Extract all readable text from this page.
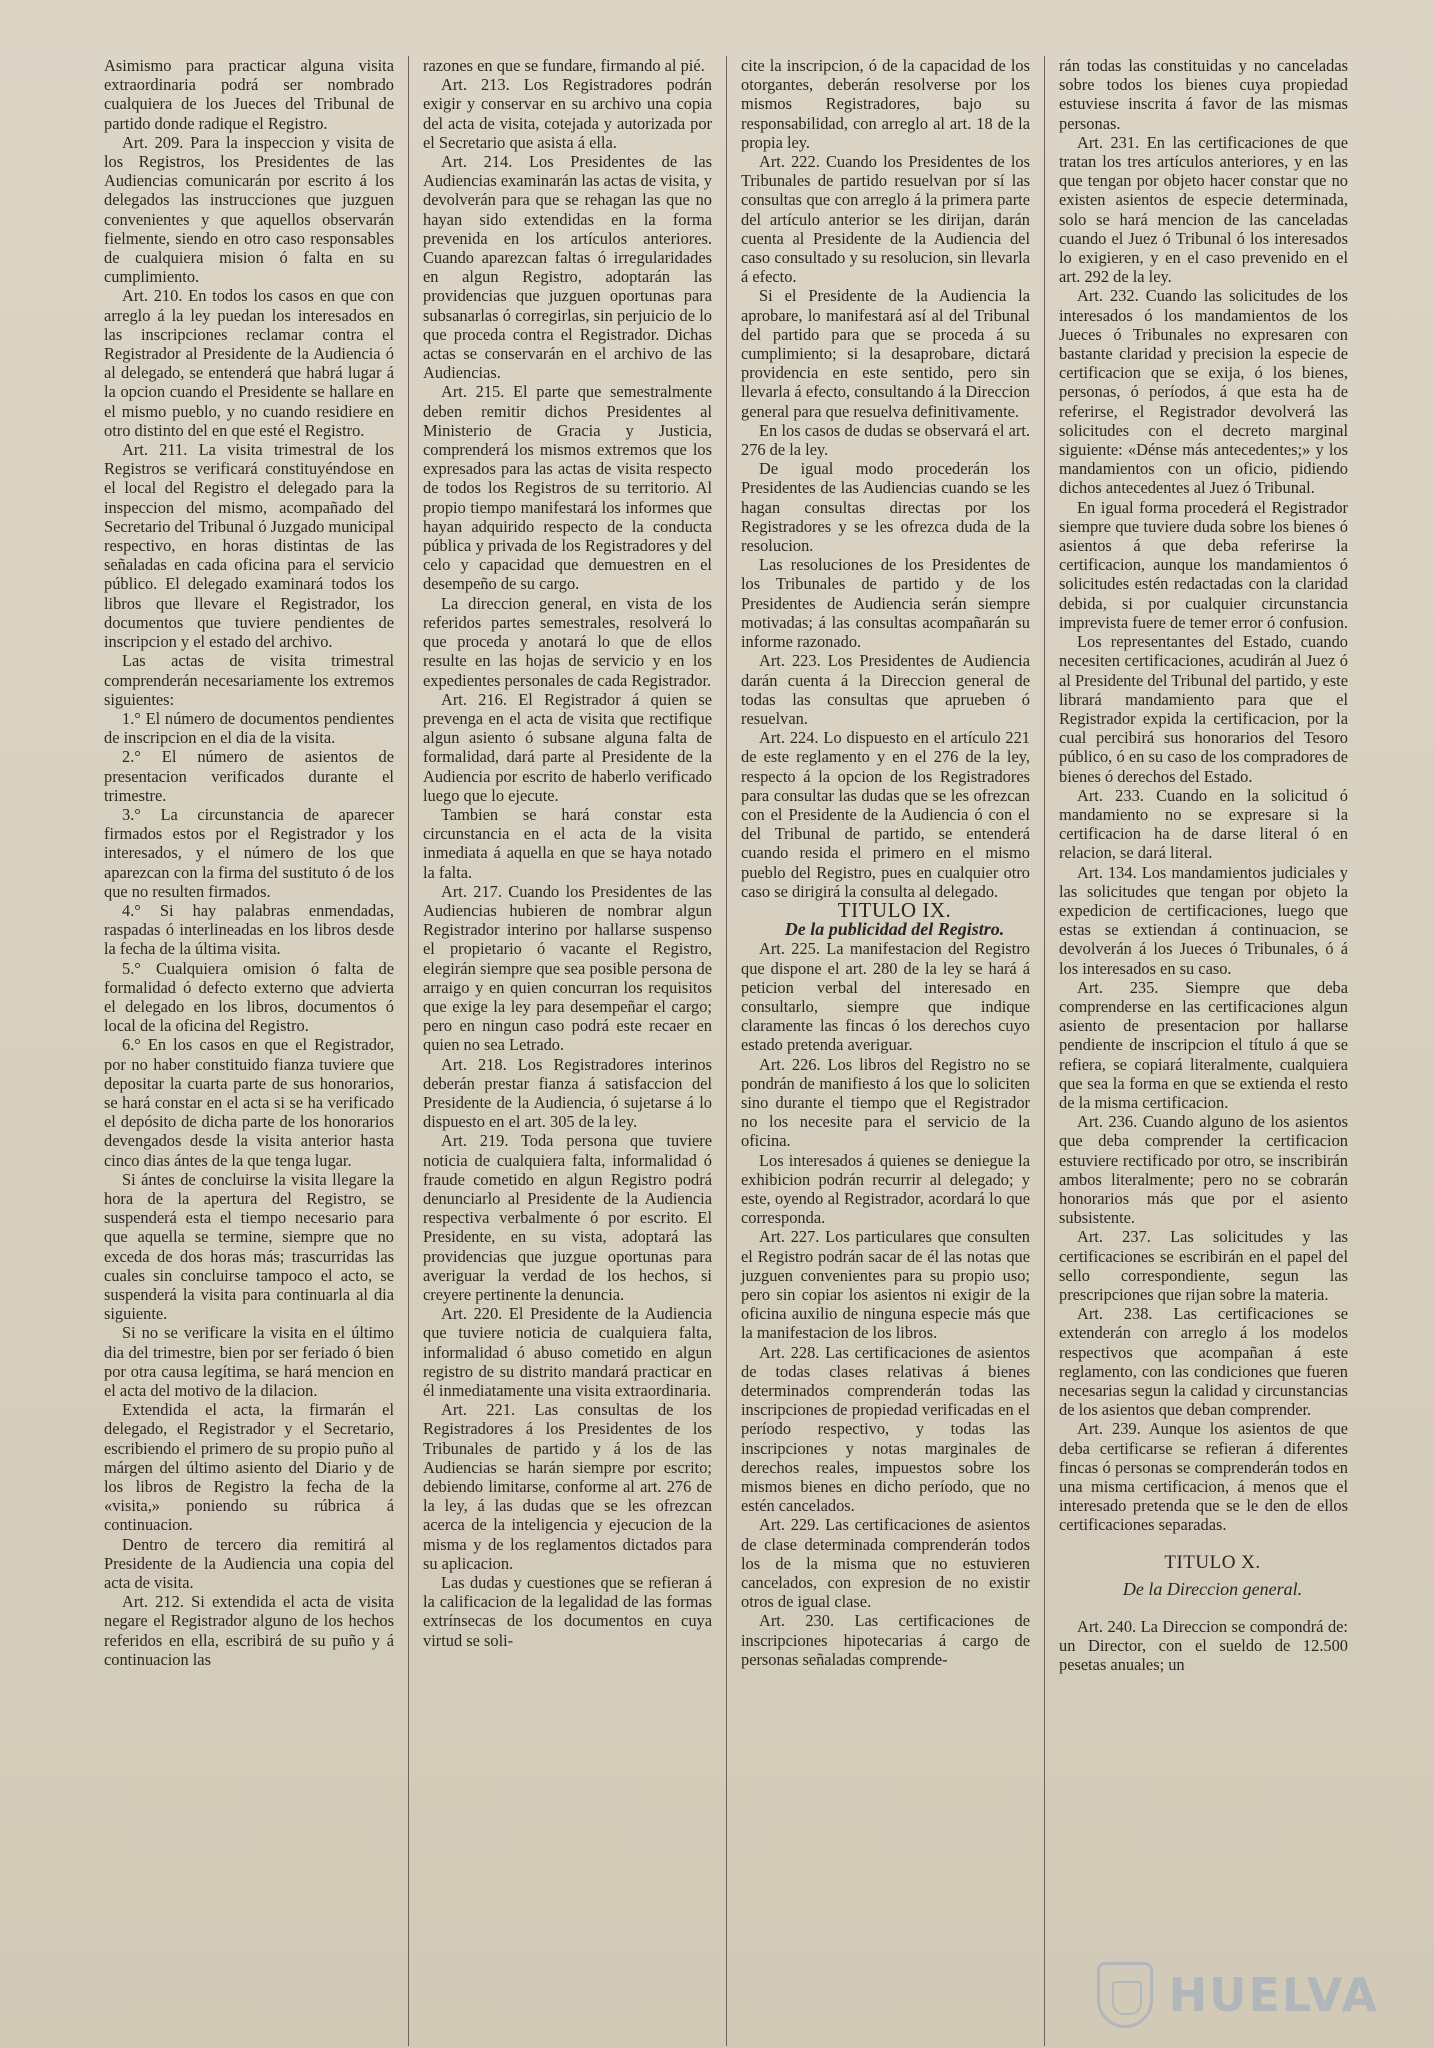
Asimismo para practicar alguna visita extraordinaria podrá ser nombrado cualquiera de los Jueces del Tribunal de partido donde radique el Registro.

Art. 209. Para la inspeccion y visita de los Registros, los Presidentes de las Audiencias comunicarán por escrito á los delegados las instrucciones que juzguen convenientes y que aquellos observarán fielmente, siendo en otro caso responsables de cualquiera mision ó falta en su cumplimiento.

Art. 210. En todos los casos en que con arreglo á la ley puedan los interesados en las inscripciones reclamar contra el Registrador al Presidente de la Audiencia ó al delegado, se entenderá que habrá lugar á la opcion cuando el Presidente se hallare en el mismo pueblo, y no cuando residiere en otro distinto del en que esté el Registro.

Art. 211. La visita trimestral de los Registros se verificará constituyéndose en el local del Registro el delegado para la inspeccion del mismo, acompañado del Secretario del Tribunal ó Juzgado municipal respectivo, en horas distintas de las señaladas en cada oficina para el servicio público. El delegado examinará todos los libros que llevare el Registrador, los documentos que tuviere pendientes de inscripcion y el estado del archivo.

Las actas de visita trimestral comprenderán necesariamente los extremos siguientes:

1.° El número de documentos pendientes de inscripcion en el dia de la visita.

2.° El número de asientos de presentacion verificados durante el trimestre.

3.° La circunstancia de aparecer firmados estos por el Registrador y los interesados, y el número de los que aparezcan con la firma del sustituto ó de los que no resulten firmados.

4.° Si hay palabras enmendadas, raspadas ó interlineadas en los libros desde la fecha de la última visita.

5.° Cualquiera omision ó falta de formalidad ó defecto externo que advierta el delegado en los libros, documentos ó local de la oficina del Registro.

6.° En los casos en que el Registrador, por no haber constituido fianza tuviere que depositar la cuarta parte de sus honorarios, se hará constar en el acta si se ha verificado el depósito de dicha parte de los honorarios devengados desde la visita anterior hasta cinco dias ántes de la que tenga lugar.

Si ántes de concluirse la visita llegare la hora de la apertura del Registro, se suspenderá esta el tiempo necesario para que aquella se termine, siempre que no exceda de dos horas más; trascurridas las cuales sin concluirse tampoco el acto, se suspenderá la visita para continuarla al dia siguiente.

Si no se verificare la visita en el último dia del trimestre, bien por ser feriado ó bien por otra causa legítima, se hará mencion en el acta del motivo de la dilacion.

Extendida el acta, la firmarán el delegado, el Registrador y el Secretario, escribiendo el primero de su propio puño al márgen del último asiento del Diario y de los libros de Registro la fecha de la «visita,» poniendo su rúbrica á continuacion.

Dentro de tercero dia remitirá al Presidente de la Audiencia una copia del acta de visita.

Art. 212. Si extendida el acta de visita negare el Registrador alguno de los hechos referidos en ella, escribirá de su puño y á continuacion las

razones en que se fundare, firmando al pié.

Art. 213. Los Registradores podrán exigir y conservar en su archivo una copia del acta de visita, cotejada y autorizada por el Secretario que asista á ella.

Art. 214. Los Presidentes de las Audiencias examinarán las actas de visita, y devolverán para que se rehagan las que no hayan sido extendidas en la forma prevenida en los artículos anteriores. Cuando aparezcan faltas ó irregularidades en algun Registro, adoptarán las providencias que juzguen oportunas para subsanarlas ó corregirlas, sin perjuicio de lo que proceda contra el Registrador. Dichas actas se conservarán en el archivo de las Audiencias.

Art. 215. El parte que semestralmente deben remitir dichos Presidentes al Ministerio de Gracia y Justicia, comprenderá los mismos extremos que los expresados para las actas de visita respecto de todos los Registros de su territorio. Al propio tiempo manifestará los informes que hayan adquirido respecto de la conducta pública y privada de los Registradores y del celo y capacidad que demuestren en el desempeño de su cargo.

La direccion general, en vista de los referidos partes semestrales, resolverá lo que proceda y anotará lo que de ellos resulte en las hojas de servicio y en los expedientes personales de cada Registrador.

Art. 216. El Registrador á quien se prevenga en el acta de visita que rectifique algun asiento ó subsane alguna falta de formalidad, dará parte al Presidente de la Audiencia por escrito de haberlo verificado luego que lo ejecute.

Tambien se hará constar esta circunstancia en el acta de la visita inmediata á aquella en que se haya notado la falta.

Art. 217. Cuando los Presidentes de las Audiencias hubieren de nombrar algun Registrador interino por hallarse suspenso el propietario ó vacante el Registro, elegirán siempre que sea posible persona de arraigo y en quien concurran los requisitos que exige la ley para desempeñar el cargo; pero en ningun caso podrá este recaer en quien no sea Letrado.

Art. 218. Los Registradores interinos deberán prestar fianza á satisfaccion del Presidente de la Audiencia, ó sujetarse á lo dispuesto en el art. 305 de la ley.

Art. 219. Toda persona que tuviere noticia de cualquiera falta, informalidad ó fraude cometido en algun Registro podrá denunciarlo al Presidente de la Audiencia respectiva verbalmente ó por escrito. El Presidente, en su vista, adoptará las providencias que juzgue oportunas para averiguar la verdad de los hechos, si creyere pertinente la denuncia.

Art. 220. El Presidente de la Audiencia que tuviere noticia de cualquiera falta, informalidad ó abuso cometido en algun registro de su distrito mandará practicar en él inmediatamente una visita extraordinaria.

Art. 221. Las consultas de los Registradores á los Presidentes de los Tribunales de partido y á los de las Audiencias se harán siempre por escrito; debiendo limitarse, conforme al art. 276 de la ley, á las dudas que se les ofrezcan acerca de la inteligencia y ejecucion de la misma y de los reglamentos dictados para su aplicacion.

Las dudas y cuestiones que se refieran á la calificacion de la legalidad de las formas extrínsecas de los documentos en cuya virtud se soli-

cite la inscripcion, ó de la capacidad de los otorgantes, deberán resolverse por los mismos Registradores, bajo su responsabilidad, con arreglo al art. 18 de la propia ley.

Art. 222. Cuando los Presidentes de los Tribunales de partido resuelvan por sí las consultas que con arreglo á la primera parte del artículo anterior se les dirijan, darán cuenta al Presidente de la Audiencia del caso consultado y su resolucion, sin llevarla á efecto.

Si el Presidente de la Audiencia la aprobare, lo manifestará así al del Tribunal del partido para que se proceda á su cumplimiento; si la desaprobare, dictará providencia en este sentido, pero sin llevarla á efecto, consultando á la Direccion general para que resuelva definitivamente.

En los casos de dudas se observará el art. 276 de la ley.

De igual modo procederán los Presidentes de las Audiencias cuando se les hagan consultas directas por los Registradores y se les ofrezca duda de la resolucion.

Las resoluciones de los Presidentes de los Tribunales de partido y de los Presidentes de Audiencia serán siempre motivadas; á las consultas acompañarán su informe razonado.

Art. 223. Los Presidentes de Audiencia darán cuenta á la Direccion general de todas las consultas que aprueben ó resuelvan.

Art. 224. Lo dispuesto en el artículo 221 de este reglamento y en el 276 de la ley, respecto á la opcion de los Registradores para consultar las dudas que se les ofrezcan con el Presidente de la Audiencia ó con el del Tribunal de partido, se entenderá cuando resida el primero en el mismo pueblo del Registro, pues en cualquier otro caso se dirigirá la consulta al delegado.

TITULO IX.

De la publicidad del Registro.

Art. 225. La manifestacion del Registro que dispone el art. 280 de la ley se hará á peticion verbal del interesado en consultarlo, siempre que indique claramente las fincas ó los derechos cuyo estado pretenda averiguar.

Art. 226. Los libros del Registro no se pondrán de manifiesto á los que lo soliciten sino durante el tiempo que el Registrador no los necesite para el servicio de la oficina.

Los interesados á quienes se deniegue la exhibicion podrán recurrir al delegado; y este, oyendo al Registrador, acordará lo que corresponda.

Art. 227. Los particulares que consulten el Registro podrán sacar de él las notas que juzguen convenientes para su propio uso; pero sin copiar los asientos ni exigir de la oficina auxilio de ninguna especie más que la manifestacion de los libros.

Art. 228. Las certificaciones de asientos de todas clases relativas á bienes determinados comprenderán todas las inscripciones de propiedad verificadas en el período respectivo, y todas las inscripciones y notas marginales de derechos reales, impuestos sobre los mismos bienes en dicho período, que no estén cancelados.

Art. 229. Las certificaciones de asientos de clase determinada comprenderán todos los de la misma que no estuvieren cancelados, con expresion de no existir otros de igual clase.

Art. 230. Las certificaciones de inscripciones hipotecarias á cargo de personas señaladas comprende-

rán todas las constituidas y no canceladas sobre todos los bienes cuya propiedad estuviese inscrita á favor de las mismas personas.

Art. 231. En las certificaciones de que tratan los tres artículos anteriores, y en las que tengan por objeto hacer constar que no existen asientos de especie determinada, solo se hará mencion de las canceladas cuando el Juez ó Tribunal ó los interesados lo exigieren, y en el caso prevenido en el art. 292 de la ley.

Art. 232. Cuando las solicitudes de los interesados ó los mandamientos de los Jueces ó Tribunales no expresaren con bastante claridad y precision la especie de certificacion que se exija, ó los bienes, personas, ó períodos, á que esta ha de referirse, el Registrador devolverá las solicitudes con el decreto marginal siguiente: «Dénse más antecedentes;» y los mandamientos con un oficio, pidiendo dichos antecedentes al Juez ó Tribunal.

En igual forma procederá el Registrador siempre que tuviere duda sobre los bienes ó asientos á que deba referirse la certificacion, aunque los mandamientos ó solicitudes estén redactadas con la claridad debida, si por cualquier circunstancia imprevista fuere de temer error ó confusion.

Los representantes del Estado, cuando necesiten certificaciones, acudirán al Juez ó al Presidente del Tribunal del partido, y este librará mandamiento para que el Registrador expida la certificacion, por la cual percibirá sus honorarios del Tesoro público, ó en su caso de los compradores de bienes ó derechos del Estado.

Art. 233. Cuando en la solicitud ó mandamiento no se expresare si la certificacion ha de darse literal ó en relacion, se dará literal.

Art. 134. Los mandamientos judiciales y las solicitudes que tengan por objeto la expedicion de certificaciones, luego que estas se extiendan á continuacion, se devolverán á los Jueces ó Tribunales, ó á los interesados en su caso.

Art. 235. Siempre que deba comprenderse en las certificaciones algun asiento de presentacion por hallarse pendiente de inscripcion el título á que se refiera, se copiará literalmente, cualquiera que sea la forma en que se extienda el resto de la misma certificacion.

Art. 236. Cuando alguno de los asientos que deba comprender la certificacion estuviere rectificado por otro, se inscribirán ambos literalmente; pero no se cobrarán honorarios más que por el asiento subsistente.

Art. 237. Las solicitudes y las certificaciones se escribirán en el papel del sello correspondiente, segun las prescripciones que rijan sobre la materia.

Art. 238. Las certificaciones se extenderán con arreglo á los modelos respectivos que acompañan á este reglamento, con las condiciones que fueren necesarias segun la calidad y circunstancias de los asientos que deban comprender.

Art. 239. Aunque los asientos de que deba certificarse se refieran á diferentes fincas ó personas se comprenderán todos en una misma certificacion, á menos que el interesado pretenda que se le den de ellos certificaciones separadas.

TITULO X.

De la Direccion general.

Art. 240. La Direccion se compondrá de: un Director, con el sueldo de 12.500 pesetas anuales; un

HUELVA
